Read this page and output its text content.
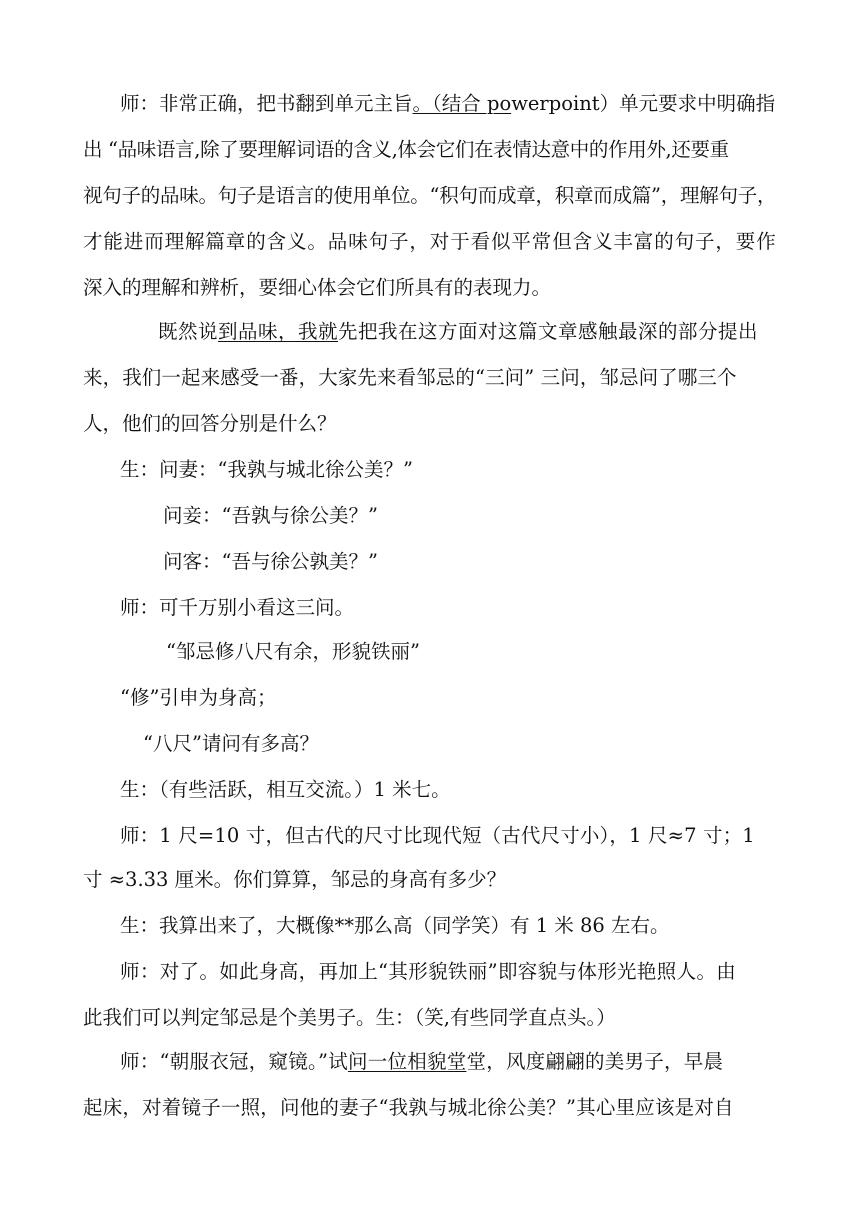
师：非常正确，把书翻到单元主旨。（结合 powerpoint）单元要求中明确指
出 “品味语言,除了要理解词语的含义,体会它们在表情达意中的作用外,还要重
视句子的品味。句子是语言的使用单位。“积句而成章，积章而成篇”，理解句子，
才能进而理解篇章的含义。品味句子，对于看似平常但含义丰富的句子，要作
深入的理解和辨析，要细心体会它们所具有的表现力。
既然说到品味，我就先把我在这方面对这篇文章感触最深的部分提出
来，我们一起来感受一番，大家先来看邹忌的“三问” 三问，邹忌问了哪三个
人，他们的回答分别是什么？
生：问妻：“我孰与城北徐公美？”
问妾：“吾孰与徐公美？”
问客：“吾与徐公孰美？”
师：可千万别小看这三问。
“邹忌修八尺有余，形貌铁丽”
“修”引申为身高；
“八尺”请问有多高？
生：（有些活跃，相互交流。）1 米七。
师：1 尺=10 寸，但古代的尺寸比现代短（古代尺寸小），1 尺≈7 寸；1
寸 ≈3.33 厘米。你们算算，邹忌的身高有多少？
生：我算出来了，大概像**那么高（同学笑）有 1 米 86 左右。
师：对了。如此身高，再加上“其形貌铁丽”即容貌与体形光艳照人。由
此我们可以判定邹忌是个美男子。生：（笑,有些同学直点头。）
师：“朝服衣冠，窥镜。”试问一位相貌堂堂，风度翩翩的美男子，早晨
起床，对着镜子一照，问他的妻子“我孰与城北徐公美？”其心里应该是对自
